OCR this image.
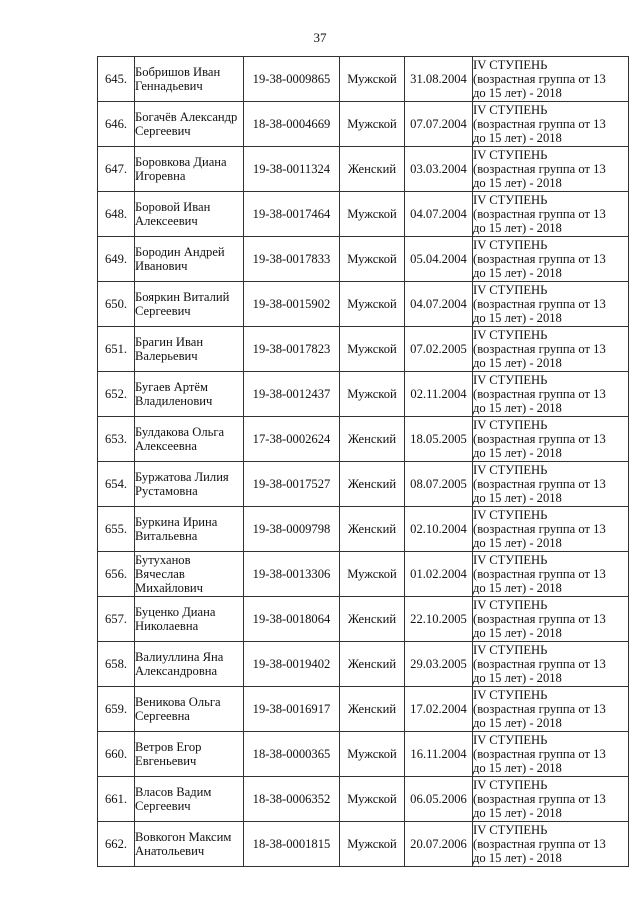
37
645.	Бобришов Иван
Геннадьевич	19-38-0009865	Мужской	31.08.2004	IV СТУПЕНЬ
(возрастная группа от 13
до 15 лет) - 2018

646.	Богачёв Александр
Сергеевич	18-38-0004669	Мужской	07.07.2004	IV СТУПЕНЬ
(возрастная группа от 13
до 15 лет) - 2018

647.	Боровкова Диана
Игоревна	19-38-0011324	Женский	03.03.2004	IV СТУПЕНЬ
(возрастная группа от 13
до 15 лет) - 2018

648.	Боровой Иван
Алексеевич	19-38-0017464	Мужской	04.07.2004	IV СТУПЕНЬ
(возрастная группа от 13
до 15 лет) - 2018

649.	Бородин Андрей
Иванович	19-38-0017833	Мужской	05.04.2004	IV СТУПЕНЬ
(возрастная группа от 13
до 15 лет) - 2018

650.	Бояркин Виталий
Сергеевич	19-38-0015902	Мужской	04.07.2004	IV СТУПЕНЬ
(возрастная группа от 13
до 15 лет) - 2018

651.	Брагин Иван
Валерьевич	19-38-0017823	Мужской	07.02.2005	IV СТУПЕНЬ
(возрастная группа от 13
до 15 лет) - 2018

652.	Бугаев Артём
Владиленович	19-38-0012437	Мужской	02.11.2004	IV СТУПЕНЬ
(возрастная группа от 13
до 15 лет) - 2018

653.	Булдакова Ольга
Алексеевна	17-38-0002624	Женский	18.05.2005	IV СТУПЕНЬ
(возрастная группа от 13
до 15 лет) - 2018

654.	Буржатова Лилия
Рустамовна	19-38-0017527	Женский	08.07.2005	IV СТУПЕНЬ
(возрастная группа от 13
до 15 лет) - 2018

655.	Буркина Ирина
Витальевна	19-38-0009798	Женский	02.10.2004	IV СТУПЕНЬ
(возрастная группа от 13
до 15 лет) - 2018

656.	Бутуханов
Вячеслав
Михайлович	19-38-0013306	Мужской	01.02.2004	IV СТУПЕНЬ
(возрастная группа от 13
до 15 лет) - 2018

657.	Буценко Диана
Николаевна	19-38-0018064	Женский	22.10.2005	IV СТУПЕНЬ
(возрастная группа от 13
до 15 лет) - 2018

658.	Валиуллина Яна
Александровна	19-38-0019402	Женский	29.03.2005	IV СТУПЕНЬ
(возрастная группа от 13
до 15 лет) - 2018

659.	Веникова Ольга
Сергеевна	19-38-0016917	Женский	17.02.2004	IV СТУПЕНЬ
(возрастная группа от 13
до 15 лет) - 2018

660.	Ветров Егор
Евгеньевич	18-38-0000365	Мужской	16.11.2004	IV СТУПЕНЬ
(возрастная группа от 13
до 15 лет) - 2018

661.	Власов Вадим
Сергеевич	18-38-0006352	Мужской	06.05.2006	IV СТУПЕНЬ
(возрастная группа от 13
до 15 лет) - 2018

662.	Вовкогон Максим
Анатольевич	18-38-0001815	Мужской	20.07.2006	IV СТУПЕНЬ
(возрастная группа от 13
до 15 лет) - 2018
